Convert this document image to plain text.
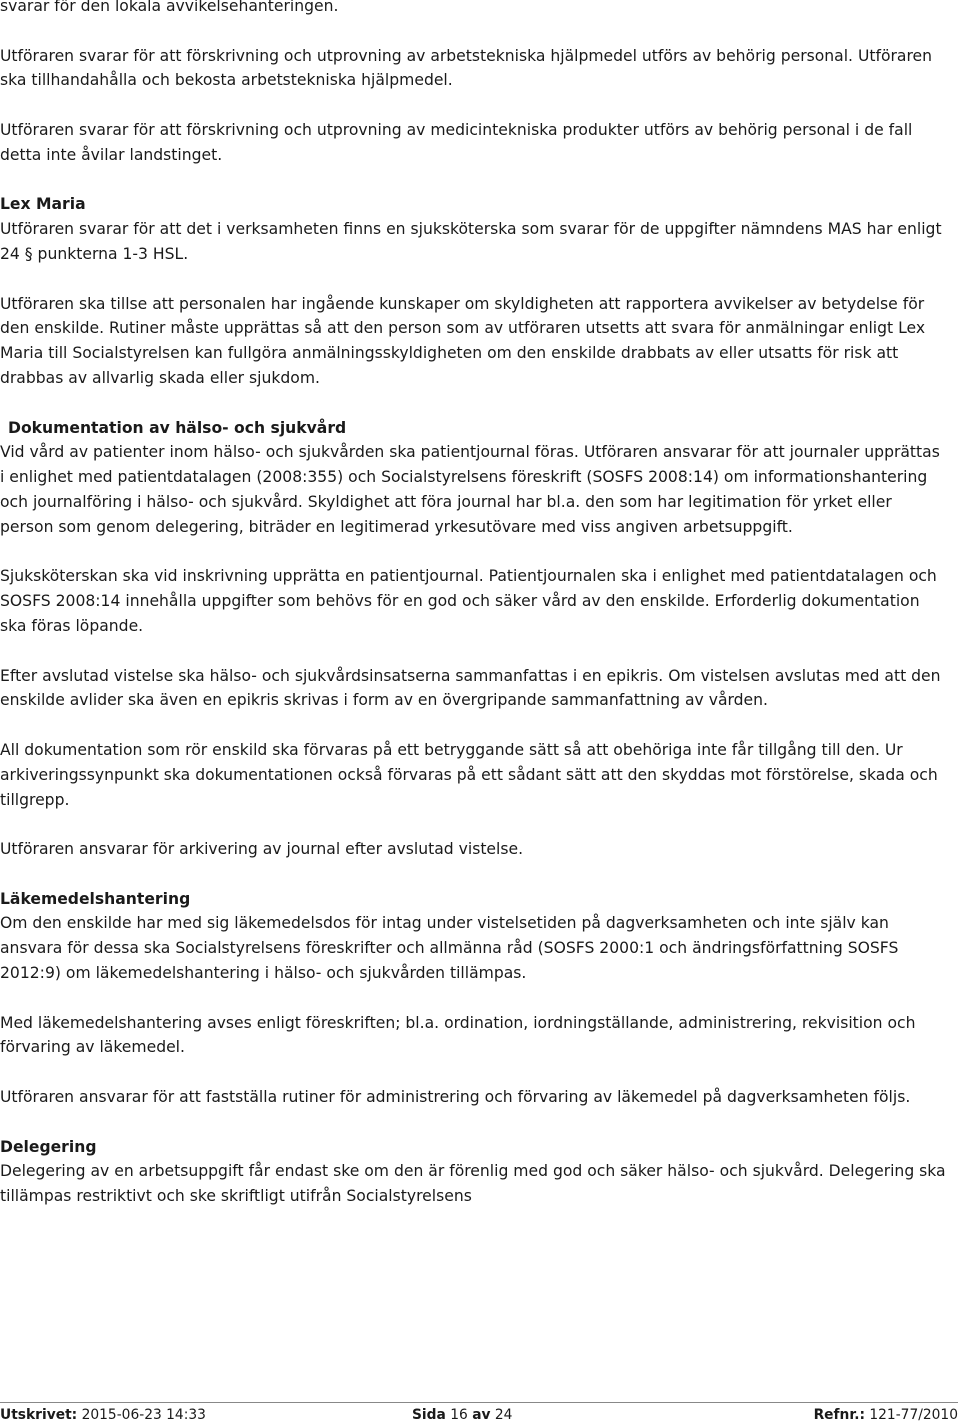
svarar för den lokala avvikelsehanteringen.

Utföraren svarar för att förskrivning och utprovning av arbetstekniska hjälpmedel utförs av behörig personal. Utföraren ska tillhandahålla och bekosta arbetstekniska hjälpmedel.

Utföraren svarar för att förskrivning och utprovning av medicintekniska produkter utförs av behörig personal i de fall detta inte åvilar landstinget.

Lex Maria

Utföraren svarar för att det i verksamheten finns en sjuksköterska som svarar för de uppgifter nämndens MAS har enligt 24 § punkterna 1-3 HSL.

Utföraren ska tillse att personalen har ingående kunskaper om skyldigheten att rapportera avvikelser av betydelse för den enskilde. Rutiner måste upprättas så att den person som av utföraren utsetts att svara för anmälningar enligt Lex Maria till Socialstyrelsen kan fullgöra anmälningsskyldigheten om den enskilde drabbats av eller utsatts för risk att drabbas av allvarlig skada eller sjukdom.

Dokumentation av hälso- och sjukvård

Vid vård av patienter inom hälso- och sjukvården ska patientjournal föras. Utföraren ansvarar för att journaler upprättas i enlighet med patientdatalagen (2008:355) och Socialstyrelsens föreskrift (SOSFS 2008:14) om informationshantering och journalföring i hälso- och sjukvård. Skyldighet att föra journal har bl.a. den som har legitimation för yrket eller person som genom delegering, biträder en legitimerad yrkesutövare med viss angiven arbetsuppgift.

Sjuksköterskan ska vid inskrivning upprätta en patientjournal. Patientjournalen ska i enlighet med patientdatalagen och SOSFS 2008:14 innehålla uppgifter som behövs för en god och säker vård av den enskilde. Erforderlig dokumentation ska föras löpande.

Efter avslutad vistelse ska hälso- och sjukvårdsinsatserna sammanfattas i en epikris. Om vistelsen avslutas med att den enskilde avlider ska även en epikris skrivas i form av en övergripande sammanfattning av vården.

All dokumentation som rör enskild ska förvaras på ett betryggande sätt så att obehöriga inte får tillgång till den. Ur arkiveringssynpunkt ska dokumentationen också förvaras på ett sådant sätt att den skyddas mot förstörelse, skada och tillgrepp.

Utföraren ansvarar för arkivering av journal efter avslutad vistelse.

Läkemedelshantering

Om den enskilde har med sig läkemedelsdos för intag under vistelsetiden på dagverksamheten och inte själv kan ansvara för dessa ska Socialstyrelsens föreskrifter och allmänna råd (SOSFS 2000:1 och ändringsförfattning SOSFS 2012:9) om läkemedelshantering i hälso- och sjukvården tillämpas.

Med läkemedelshantering avses enligt föreskriften; bl.a. ordination, iordningställande, administrering, rekvisition och förvaring av läkemedel.

Utföraren ansvarar för att fastställa rutiner för administrering och förvaring av läkemedel på dagverksamheten följs.

Delegering

Delegering av en arbetsuppgift får endast ske om den är förenlig med god och säker hälso- och sjukvård. Delegering ska tillämpas restriktivt och ske skriftligt utifrån Socialstyrelsens

Utskrivet: 2015-06-23 14:33	Sida 16 av 24	Refnr.: 121-77/2010
